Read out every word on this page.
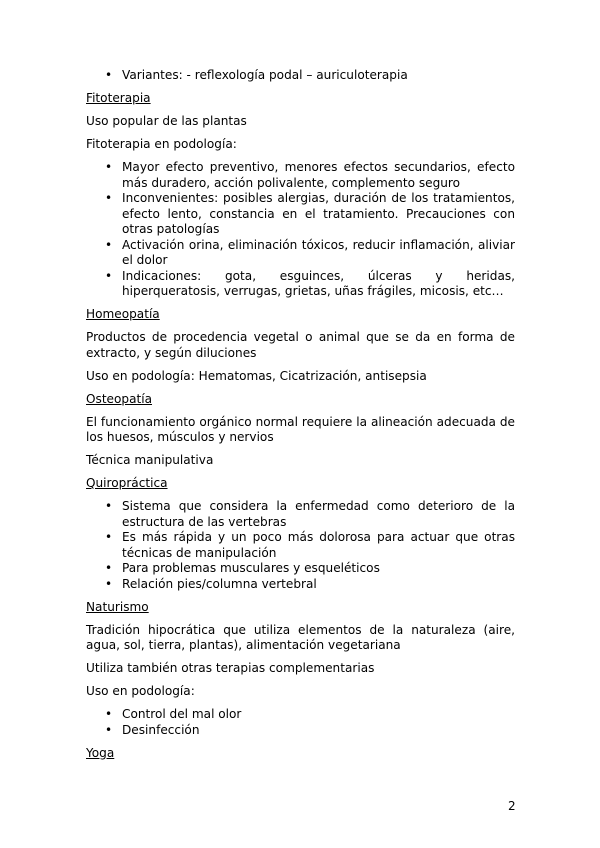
• Variantes: - reflexología podal – auriculoterapia
Fitoterapia

Uso popular de las plantas

Fitoterapia en podología:

• Mayor efecto preventivo, menores efectos secundarios, efecto más duradero, acción polivalente, complemento seguro
• Inconvenientes: posibles alergias, duración de los tratamientos, efecto lento, constancia en el tratamiento. Precauciones con otras patologías
• Activación orina, eliminación tóxicos, reducir inflamación, aliviar el dolor
• Indicaciones: gota, esguinces, úlceras y heridas, hiperqueratosis, verrugas, grietas, uñas frágiles, micosis, etc…
Homeopatía

Productos de procedencia vegetal o animal que se da en forma de extracto, y según diluciones

Uso en podología: Hematomas, Cicatrización, antisepsia

Osteopatía

El funcionamiento orgánico normal requiere la alineación adecuada de los huesos, músculos y nervios

Técnica manipulativa

Quiropráctica
• Sistema que considera la enfermedad como deterioro de la estructura de las vertebras
• Es más rápida y un poco más dolorosa para actuar que otras técnicas de manipulación
• Para problemas musculares y esqueléticos
• Relación pies/columna vertebral
Naturismo

Tradición hipocrática que utiliza elementos de la naturaleza (aire, agua, sol, tierra, plantas), alimentación vegetariana

Utiliza también otras terapias complementarias

Uso en podología:

• Control del mal olor
• Desinfección
Yoga
2
